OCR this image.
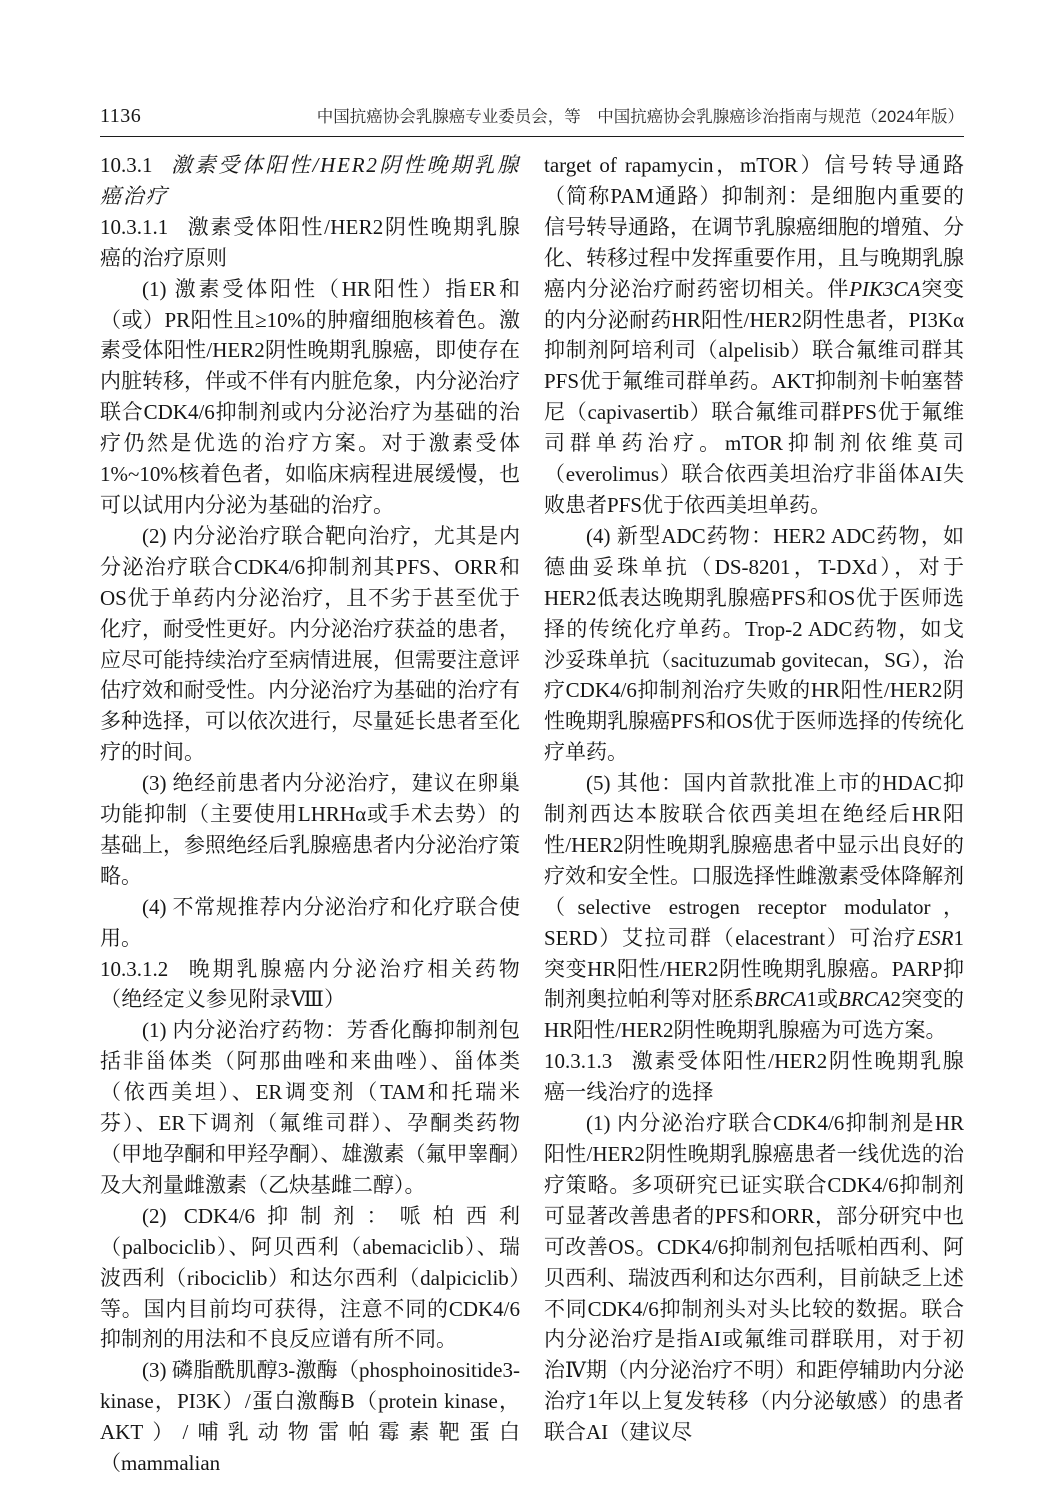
1136	中国抗癌协会乳腺癌专业委员会，等　中国抗癌协会乳腺癌诊治指南与规范（2024年版）

10.3.1 激素受体阳性/HER2阴性晚期乳腺癌治疗

10.3.1.1 激素受体阳性/HER2阴性晚期乳腺癌的治疗原则

(1) 激素受体阳性（HR阳性）指ER和（或）PR阳性且≥10%的肿瘤细胞核着色。激素受体阳性/HER2阴性晚期乳腺癌，即使存在内脏转移，伴或不伴有内脏危象，内分泌治疗联合CDK4/6抑制剂或内分泌治疗为基础的治疗仍然是优选的治疗方案。对于激素受体1%~10%核着色者，如临床病程进展缓慢，也可以试用内分泌为基础的治疗。

(2) 内分泌治疗联合靶向治疗，尤其是内分泌治疗联合CDK4/6抑制剂其PFS、ORR和OS优于单药内分泌治疗，且不劣于甚至优于化疗，耐受性更好。内分泌治疗获益的患者，应尽可能持续治疗至病情进展，但需要注意评估疗效和耐受性。内分泌治疗为基础的治疗有多种选择，可以依次进行，尽量延长患者至化疗的时间。

(3) 绝经前患者内分泌治疗，建议在卵巢功能抑制（主要使用LHRHα或手术去势）的基础上，参照绝经后乳腺癌患者内分泌治疗策略。

(4) 不常规推荐内分泌治疗和化疗联合使用。

10.3.1.2 晚期乳腺癌内分泌治疗相关药物（绝经定义参见附录Ⅷ）

(1) 内分泌治疗药物：芳香化酶抑制剂包括非甾体类（阿那曲唑和来曲唑）、甾体类（依西美坦）、ER调变剂（TAM和托瑞米芬）、ER下调剂（氟维司群）、孕酮类药物（甲地孕酮和甲羟孕酮）、雄激素（氟甲睾酮）及大剂量雌激素（乙炔基雌二醇）。

(2) CDK4/6抑制剂：哌柏西利（palbociclib）、阿贝西利（abemaciclib）、瑞波西利（ribociclib）和达尔西利（dalpiciclib）等。国内目前均可获得，注意不同的CDK4/6抑制剂的用法和不良反应谱有所不同。

(3) 磷脂酰肌醇3-激酶（phosphoinositide3-kinase，PI3K）/蛋白激酶B（protein kinase，AKT）/哺乳动物雷帕霉素靶蛋白（mammalian

target of rapamycin，mTOR）信号转导通路（简称PAM通路）抑制剂：是细胞内重要的信号转导通路，在调节乳腺癌细胞的增殖、分化、转移过程中发挥重要作用，且与晚期乳腺癌内分泌治疗耐药密切相关。伴PIK3CA突变的内分泌耐药HR阳性/HER2阴性患者，PI3Kα抑制剂阿培利司（alpelisib）联合氟维司群其PFS优于氟维司群单药。AKT抑制剂卡帕塞替尼（capivasertib）联合氟维司群PFS优于氟维司群单药治疗。mTOR抑制剂依维莫司（everolimus）联合依西美坦治疗非甾体AI失败患者PFS优于依西美坦单药。

(4) 新型ADC药物：HER2 ADC药物，如德曲妥珠单抗（DS-8201，T-DXd），对于HER2低表达晚期乳腺癌PFS和OS优于医师选择的传统化疗单药。Trop-2 ADC药物，如戈沙妥珠单抗（sacituzumab govitecan，SG），治疗CDK4/6抑制剂治疗失败的HR阳性/HER2阴性晚期乳腺癌PFS和OS优于医师选择的传统化疗单药。

(5) 其他：国内首款批准上市的HDAC抑制剂西达本胺联合依西美坦在绝经后HR阳性/HER2阴性晚期乳腺癌患者中显示出良好的疗效和安全性。口服选择性雌激素受体降解剂（selective estrogen receptor modulator，SERD）艾拉司群（elacestrant）可治疗ESR1突变HR阳性/HER2阴性晚期乳腺癌。PARP抑制剂奥拉帕利等对胚系BRCA1或BRCA2突变的HR阳性/HER2阴性晚期乳腺癌为可选方案。

10.3.1.3 激素受体阳性/HER2阴性晚期乳腺癌一线治疗的选择

(1) 内分泌治疗联合CDK4/6抑制剂是HR阳性/HER2阴性晚期乳腺癌患者一线优选的治疗策略。多项研究已证实联合CDK4/6抑制剂可显著改善患者的PFS和ORR，部分研究中也可改善OS。CDK4/6抑制剂包括哌柏西利、阿贝西利、瑞波西利和达尔西利，目前缺乏上述不同CDK4/6抑制剂头对头比较的数据。联合内分泌治疗是指AI或氟维司群联用，对于初治Ⅳ期（内分泌治疗不明）和距停辅助内分泌治疗1年以上复发转移（内分泌敏感）的患者联合AI（建议尽
